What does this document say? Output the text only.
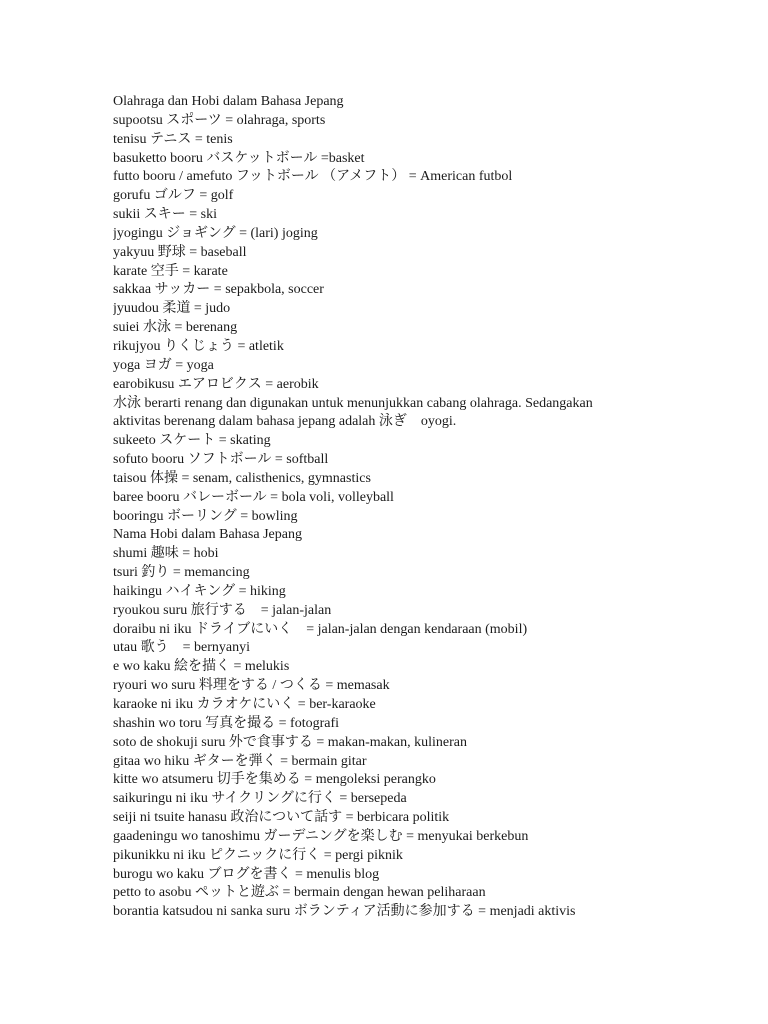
Olahraga dan Hobi dalam Bahasa Jepang
supootsu スポーツ = olahraga, sports
tenisu テニス = tenis
basuketto booru バスケットボール =basket
futto booru / amefuto フットボール （アメフト） = American futbol
gorufu ゴルフ = golf
sukii スキー = ski
jyogingu ジョギング = (lari) joging
yakyuu 野球 = baseball
karate 空手 = karate
sakkaa サッカー = sepakbola, soccer
jyuudou 柔道 = judo
suiei 水泳 = berenang
rikujyou りくじょう = atletik
yoga ヨガ = yoga
earobikusu エアロビクス = aerobik
水泳 berarti renang dan digunakan untuk menunjukkan cabang olahraga. Sedangakan
aktivitas berenang dalam bahasa jepang adalah 泳ぎ　oyogi.
sukeeto スケート = skating
sofuto booru ソフトボール = softball
taisou 体操 = senam, calisthenics, gymnastics
baree booru バレーボール = bola voli, volleyball
booringu ボーリング = bowling
Nama Hobi dalam Bahasa Jepang
shumi 趣味 = hobi
tsuri 釣り = memancing
haikingu ハイキング = hiking
ryoukou suru 旅行する　= jalan-jalan
doraibu ni iku ドライブにいく　= jalan-jalan dengan kendaraan (mobil)
utau 歌う　= bernyanyi
e wo kaku 絵を描く = melukis
ryouri wo suru 料理をする / つくる = memasak
karaoke ni iku カラオケにいく = ber-karaoke
shashin wo toru 写真を撮る = fotografi
soto de shokuji suru 外で食事する = makan-makan, kulineran
gitaa wo hiku ギターを弾く = bermain gitar
kitte wo atsumeru 切手を集める = mengoleksi perangko
saikuringu ni iku サイクリングに行く = bersepeda
seiji ni tsuite hanasu 政治について話す = berbicara politik
gaadeningu wo tanoshimu ガーデニングを楽しむ = menyukai berkebun
pikunikku ni iku ピクニックに行く = pergi piknik
burogu wo kaku ブログを書く = menulis blog
petto to asobu ペットと遊ぶ = bermain dengan hewan peliharaan
borantia katsudou ni sanka suru ボランティア活動に参加する = menjadi aktivis
